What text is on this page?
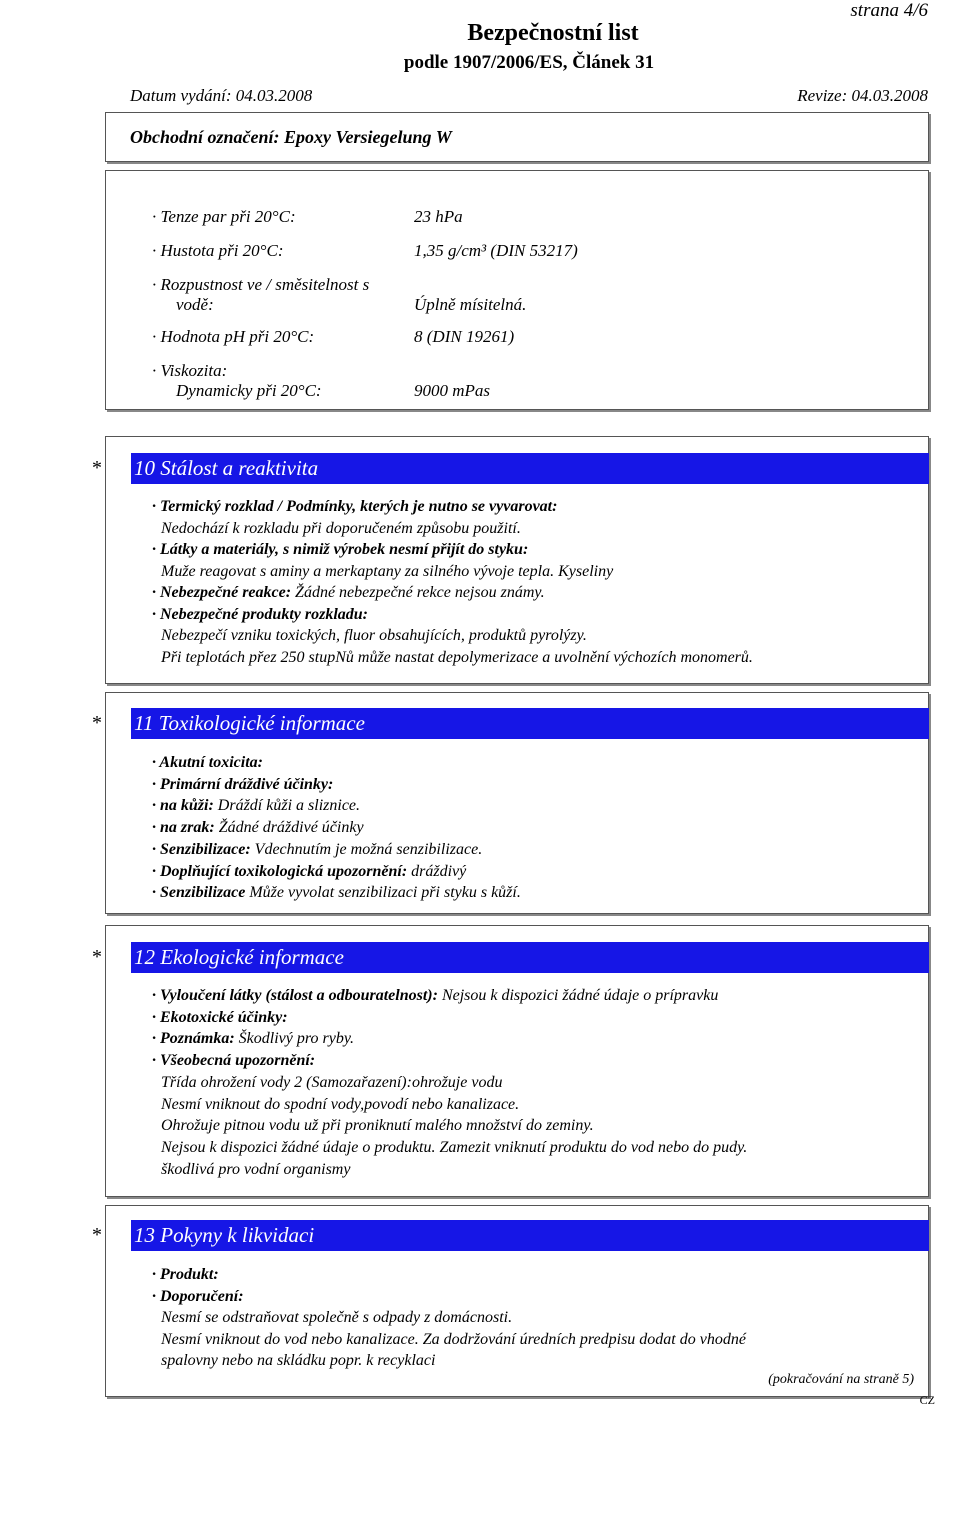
strana 4/6
Bezpečnostní list
podle 1907/2006/ES, Článek 31
Datum vydání: 04.03.2008	Revize: 04.03.2008
Obchodní označení: Epoxy Versiegelung W
· Tenze par při 20°C:	23 hPa
· Hustota při 20°C:	1,35 g/cm³ (DIN 53217)
· Rozpustnost ve / směsitelnost s
vodě:	Úplně mísitelná.
· Hodnota pH při 20°C:	8 (DIN 19261)
· Viskozita:
Dynamicky při 20°C:	9000 mPas
* 10 Stálost a reaktivita
* 11 Toxikologické informace
* 12 Ekologické informace
* 13 Pokyny k likvidaci
· Termický rozklad / Podmínky, kterých je nutno se vyvarovat:
Nedochází k rozkladu při doporučeném způsobu použití.
· Látky a materiály, s nimiž výrobek nesmí přijít do styku:
Muže reagovat s aminy a merkaptany za silného vývoje tepla. Kyseliny
· Nebezpečné reakce: Žádné nebezpečné rekce nejsou známy.
· Nebezpečné produkty rozkladu:
Nebezpečí vzniku toxických, fluor obsahujících, produktů pyrolýzy.
Při teplotách přez 250 stupNů může nastat depolymerizace a uvolnění výchozích monomerů.
· Akutní toxicita:
· Primární dráždivé účinky:
· na kůži: Dráždí kůži a sliznice.
· na zrak: Žádné dráždivé účinky
· Senzibilizace: Vdechnutím je možná senzibilizace.
· Doplňující toxikologická upozornění: dráždivý
· Senzibilizace Může vyvolat senzibilizaci při styku s kůží.
· Vyloučení látky (stálost a odbouratelnost): Nejsou k dispozici žádné údaje o prípravku
· Ekotoxické účinky:
· Poznámka: Škodlivý pro ryby.
· Všeobecná upozornění:
Třída ohrožení vody 2 (Samozařazení):ohrožuje vodu
Nesmí vniknout do spodní vody,povodí nebo kanalizace.
Ohrožuje pitnou vodu už při proniknutí malého množství do zeminy.
Nejsou k dispozici žádné údaje o produktu. Zamezit vniknutí produktu do vod nebo do pudy.
škodlivá pro vodní organismy
· Produkt:
· Doporučení:
Nesmí se odstraňovat společně s odpady z domácnosti.
Nesmí vniknout do vod nebo kanalizace. Za dodržování úredních predpisu dodat do vhodné
spalovny nebo na skládku popr. k recyklaci
(pokračování na straně 5)
CZ
